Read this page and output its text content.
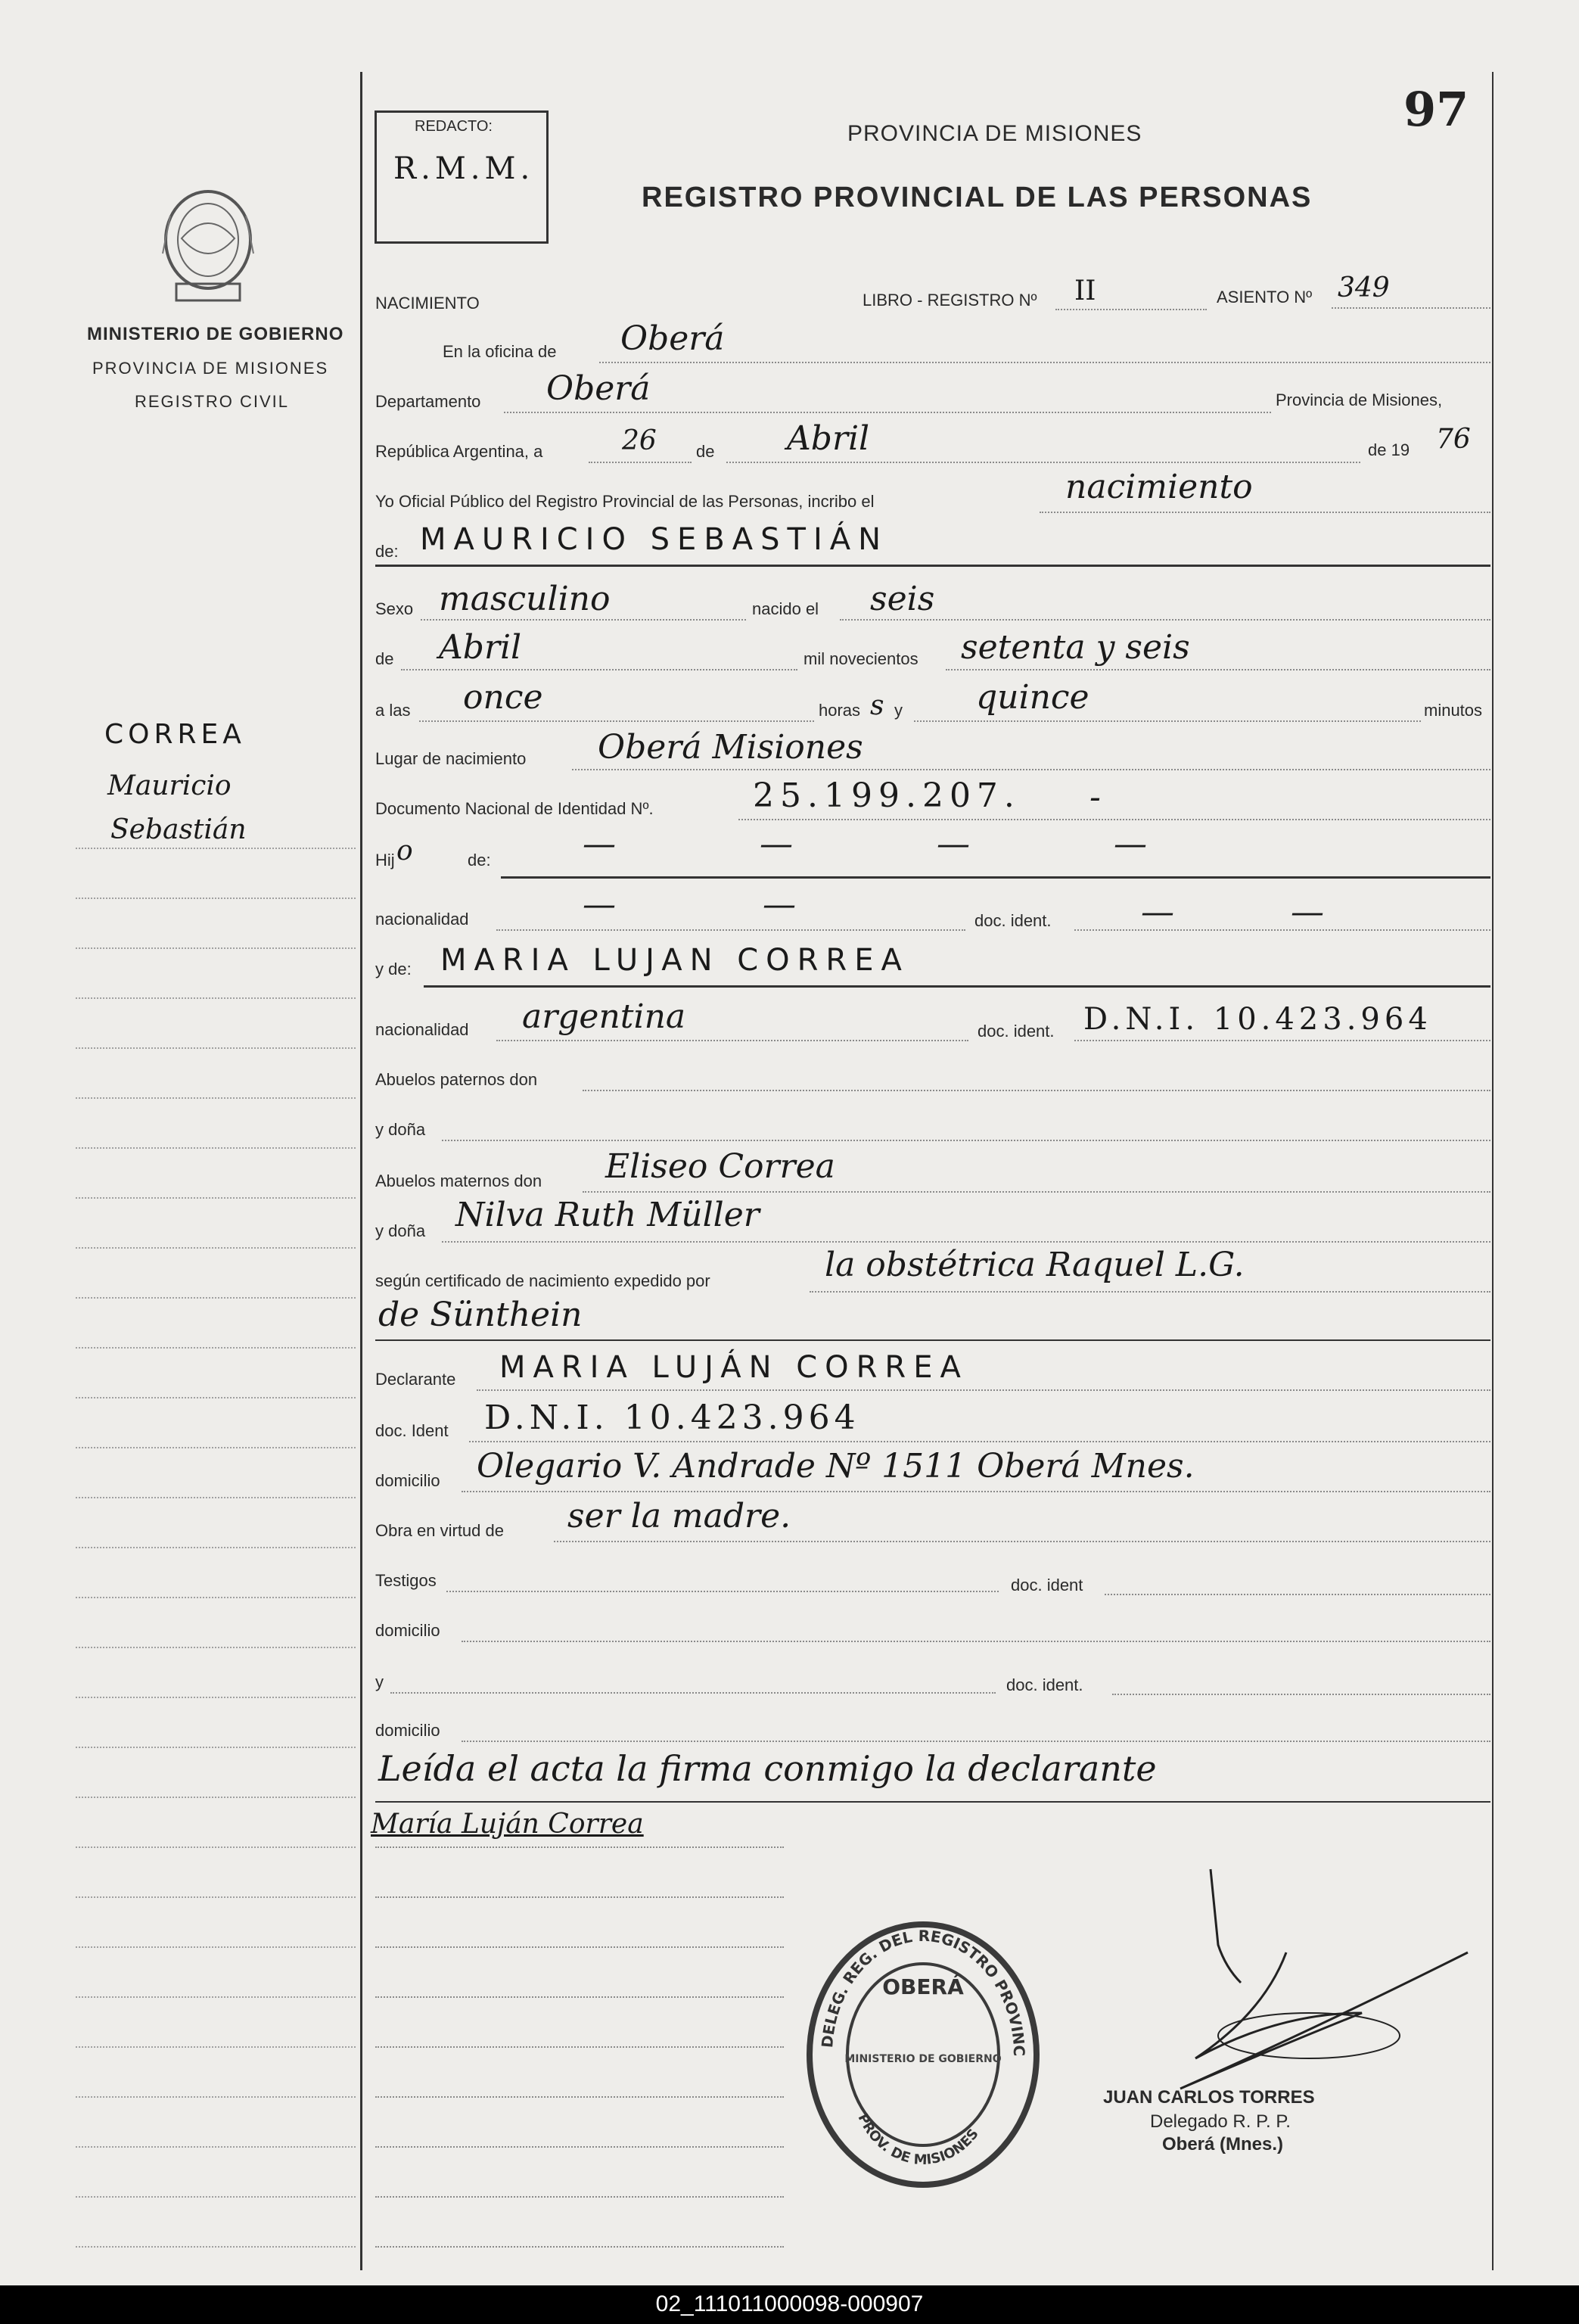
MINISTERIO DE GOBIERNO
PROVINCIA DE MISIONES
REGISTRO CIVIL
CORREA
Mauricio
Sebastián
REDACTO:
R.M.M.
97
PROVINCIA DE MISIONES
REGISTRO PROVINCIAL DE LAS PERSONAS
NACIMIENTO	LIBRO - REGISTRO Nº II	ASIENTO Nº 349
En la oficina de Oberá
Departamento Oberá	Provincia de Misiones,
República Argentina, a	26 de Abril	de 19 76
Yo Oficial Público del Registro Provincial de las Personas, incribo el	nacimiento
de: MAURICIO SEBASTIÁN
Sexo masculino	nacido el seis
de Abril	mil novecientos setenta y seis
a las once	horas s y quince	minutos
Lugar de nacimiento Oberá Misiones
Documento Nacional de Identidad Nº.	25.199.207. -
Hij o	de:	— — — —
nacionalidad	— —	doc. ident.	— —
y de: MARIA LUJAN CORREA
nacionalidad argentina	doc. ident. D.N.I. 10.423.964
Abuelos paternos don
y doña
Abuelos maternos don Eliseo Correa
y doña Nilva Ruth Müller
según certificado de nacimiento expedido por	la obstétrica Raquel L.G.
de Sünthein
Declarante MARIA LUJÁN CORREA
doc. Ident D.N.I. 10.423.964
domicilio Olegario V. Andrade Nº 1511 Oberá Mnes.
Obra en virtud de ser la madre.
Testigos	doc. ident
domicilio
y	doc. ident.
domicilio
Leída el acta la firma conmigo la declarante
María Luján Correa
DELEG. REG. DEL REGISTRO PROVINCIAL DE LAS PERSONAS
OBERÁ
MINISTERIO DE GOBIERNO
PROV. DE MISIONES
JUAN CARLOS TORRES
Delegado R. P. P.
Oberá (Mnes.)
02_111011000098-000907
